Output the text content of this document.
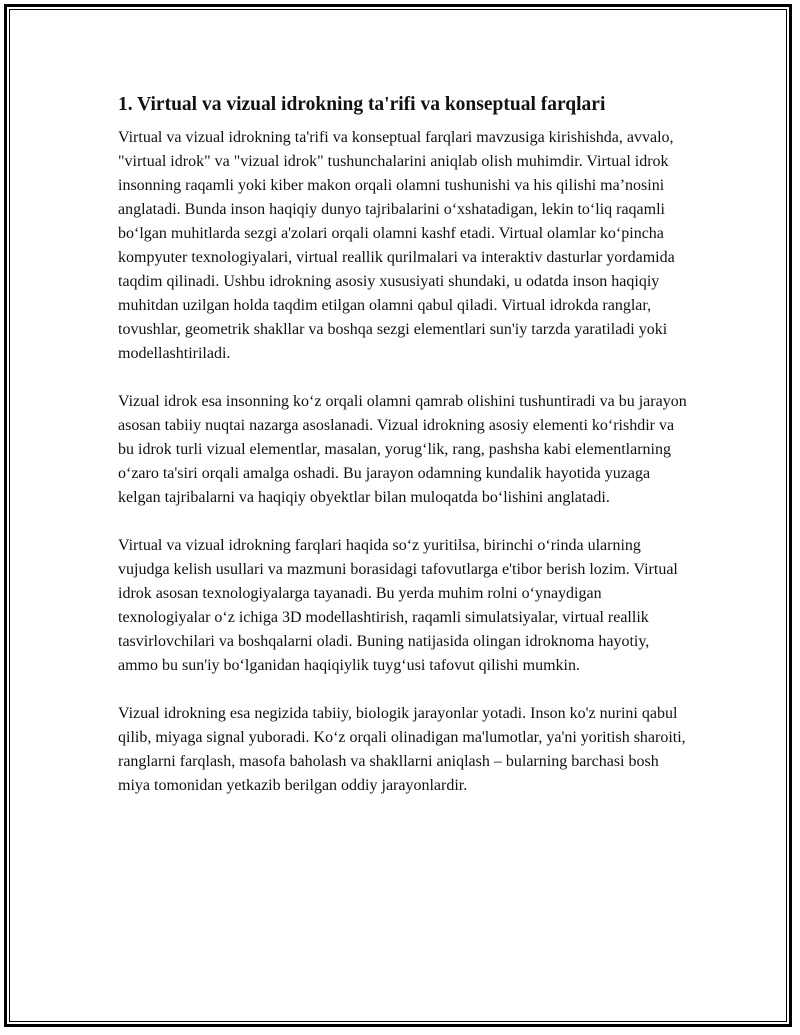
1. Virtual va vizual idrokning ta'rifi va konseptual farqlari

Virtual va vizual idrokning ta'rifi va konseptual farqlari mavzusiga kirishishda, avvalo, "virtual idrok" va "vizual idrok" tushunchalarini aniqlab olish muhimdir. Virtual idrok insonning raqamli yoki kiber makon orqali olamni tushunishi va his qilishi ma’nosini anglatadi. Bunda inson haqiqiy dunyo tajribalarini o‘xshatadigan, lekin to‘liq raqamli bo‘lgan muhitlarda sezgi a'zolari orqali olamni kashf etadi. Virtual olamlar ko‘pincha kompyuter texnologiyalari, virtual reallik qurilmalari va interaktiv dasturlar yordamida taqdim qilinadi. Ushbu idrokning asosiy xususiyati shundaki, u odatda inson haqiqiy muhitdan uzilgan holda taqdim etilgan olamni qabul qiladi. Virtual idrokda ranglar, tovushlar, geometrik shakllar va boshqa sezgi elementlari sun'iy tarzda yaratiladi yoki modellashtiriladi.

Vizual idrok esa insonning ko‘z orqali olamni qamrab olishini tushuntiradi va bu jarayon asosan tabiiy nuqtai nazarga asoslanadi. Vizual idrokning asosiy elementi ko‘rishdir va bu idrok turli vizual elementlar, masalan, yorug‘lik, rang, pashsha kabi elementlarning o‘zaro ta'siri orqali amalga oshadi. Bu jarayon odamning kundalik hayotida yuzaga kelgan tajribalarni va haqiqiy obyektlar bilan muloqatda bo‘lishini anglatadi.

Virtual va vizual idrokning farqlari haqida so‘z yuritilsa, birinchi o‘rinda ularning vujudga kelish usullari va mazmuni borasidagi tafovutlarga e'tibor berish lozim. Virtual idrok asosan texnologiyalarga tayanadi. Bu yerda muhim rolni o‘ynaydigan texnologiyalar o‘z ichiga 3D modellashtirish, raqamli simulatsiyalar, virtual reallik tasvirlovchilari va boshqalarni oladi. Buning natijasida olingan idroknoma hayotiy, ammo bu sun'iy bo‘lganidan haqiqiylik tuyg‘usi tafovut qilishi mumkin.

Vizual idrokning esa negizida tabiiy, biologik jarayonlar yotadi. Inson ko'z nurini qabul qilib, miyaga signal yuboradi. Ko‘z orqali olinadigan ma'lumotlar, ya'ni yoritish sharoiti, ranglarni farqlash, masofa baholash va shakllarni aniqlash – bularning barchasi bosh miya tomonidan yetkazib berilgan oddiy jarayonlardir.
